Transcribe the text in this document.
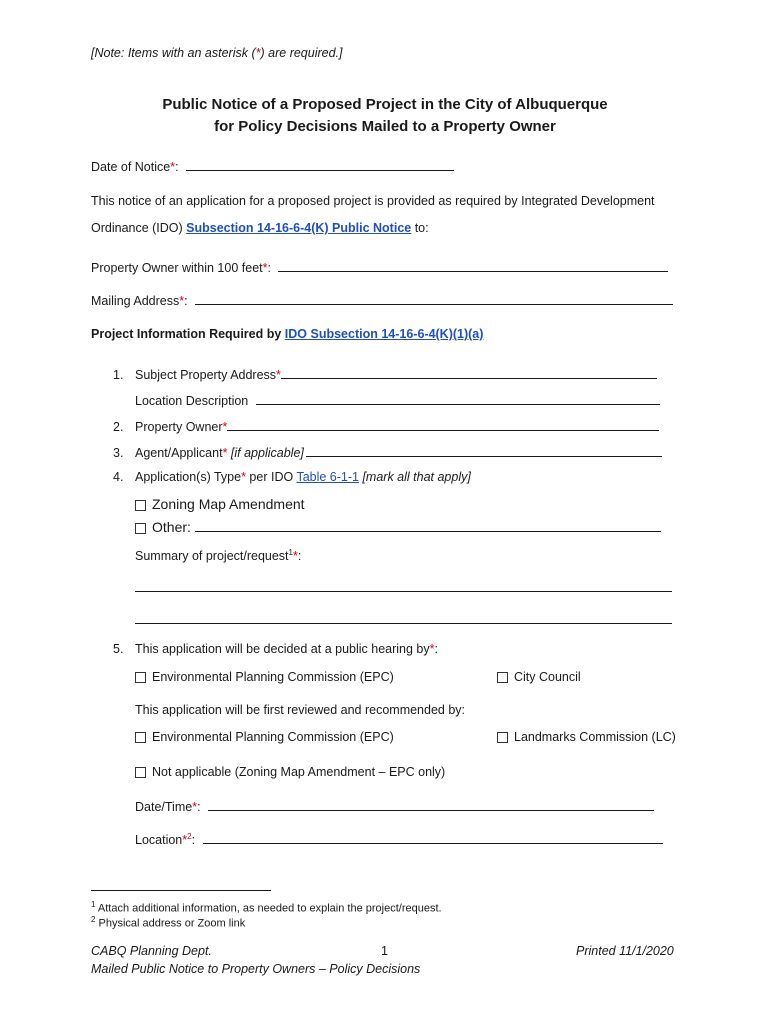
[Note: Items with an asterisk (*) are required.]
Public Notice of a Proposed Project in the City of Albuquerque
for Policy Decisions Mailed to a Property Owner
Date of Notice*:
This notice of an application for a proposed project is provided as required by Integrated Development
Ordinance (IDO) Subsection 14-16-6-4(K) Public Notice to:
Property Owner within 100 feet*:
Mailing Address*:
Project Information Required by IDO Subsection 14-16-6-4(K)(1)(a)
1. Subject Property Address*
Location Description
2. Property Owner*
3. Agent/Applicant* [if applicable]
4. Application(s) Type* per IDO Table 6-1-1 [mark all that apply]
Zoning Map Amendment
Other:
Summary of project/request$^1$*:
5. This application will be decided at a public hearing by*:
Environmental Planning Commission (EPC)	City Council
This application will be first reviewed and recommended by:
Environmental Planning Commission (EPC)	Landmarks Commission (LC)
Not applicable (Zoning Map Amendment – EPC only)
Date/Time*:
Location*$^2$:
$^1$ Attach additional information, as needed to explain the project/request.
$^2$ Physical address or Zoom link
CABQ Planning Dept.	1	Printed 11/1/2020
Mailed Public Notice to Property Owners – Policy Decisions
